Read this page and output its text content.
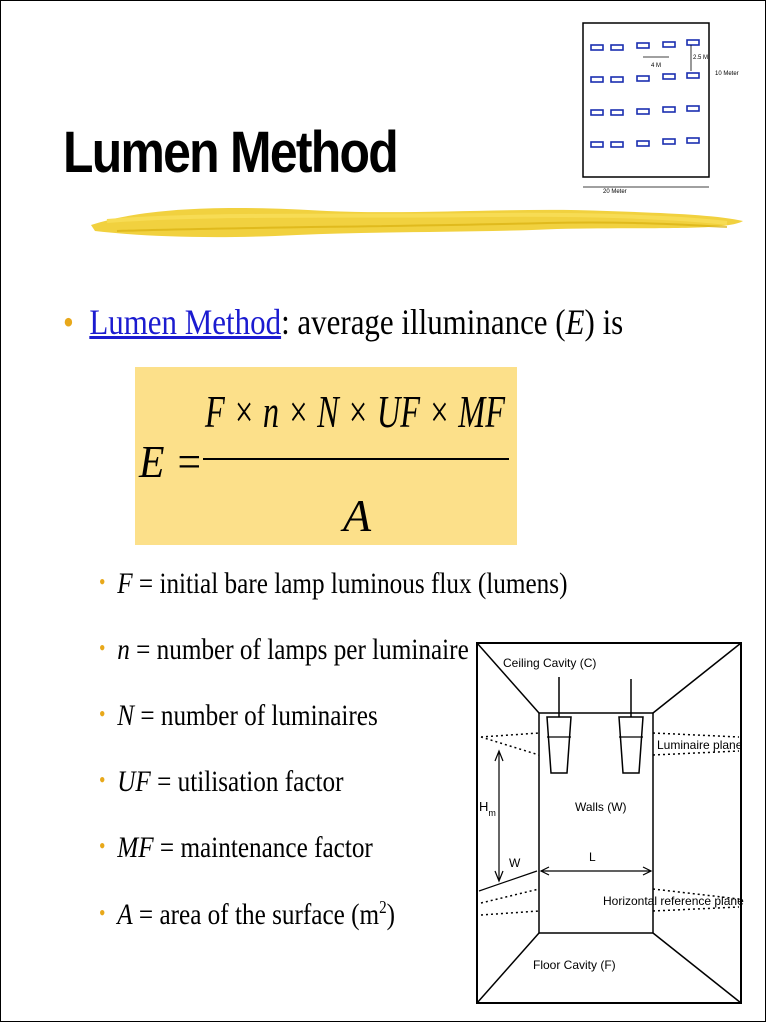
4 M
2.5 M
10 Meter
20 Meter
Lumen Method
• Lumen Method: average illuminance (E) is
E =
F × n × N × UF × MF
A
• F = initial bare lamp luminous flux (lumens)
• n = number of lamps per luminaire
• N = number of luminaires
• UF = utilisation factor
• MF = maintenance factor
• A = area of the surface $(m^2)$
Ceiling Cavity (C)
Luminaire plane
Walls (W)
$H_m$
W	L
Horizontal reference plane
Floor Cavity (F)
